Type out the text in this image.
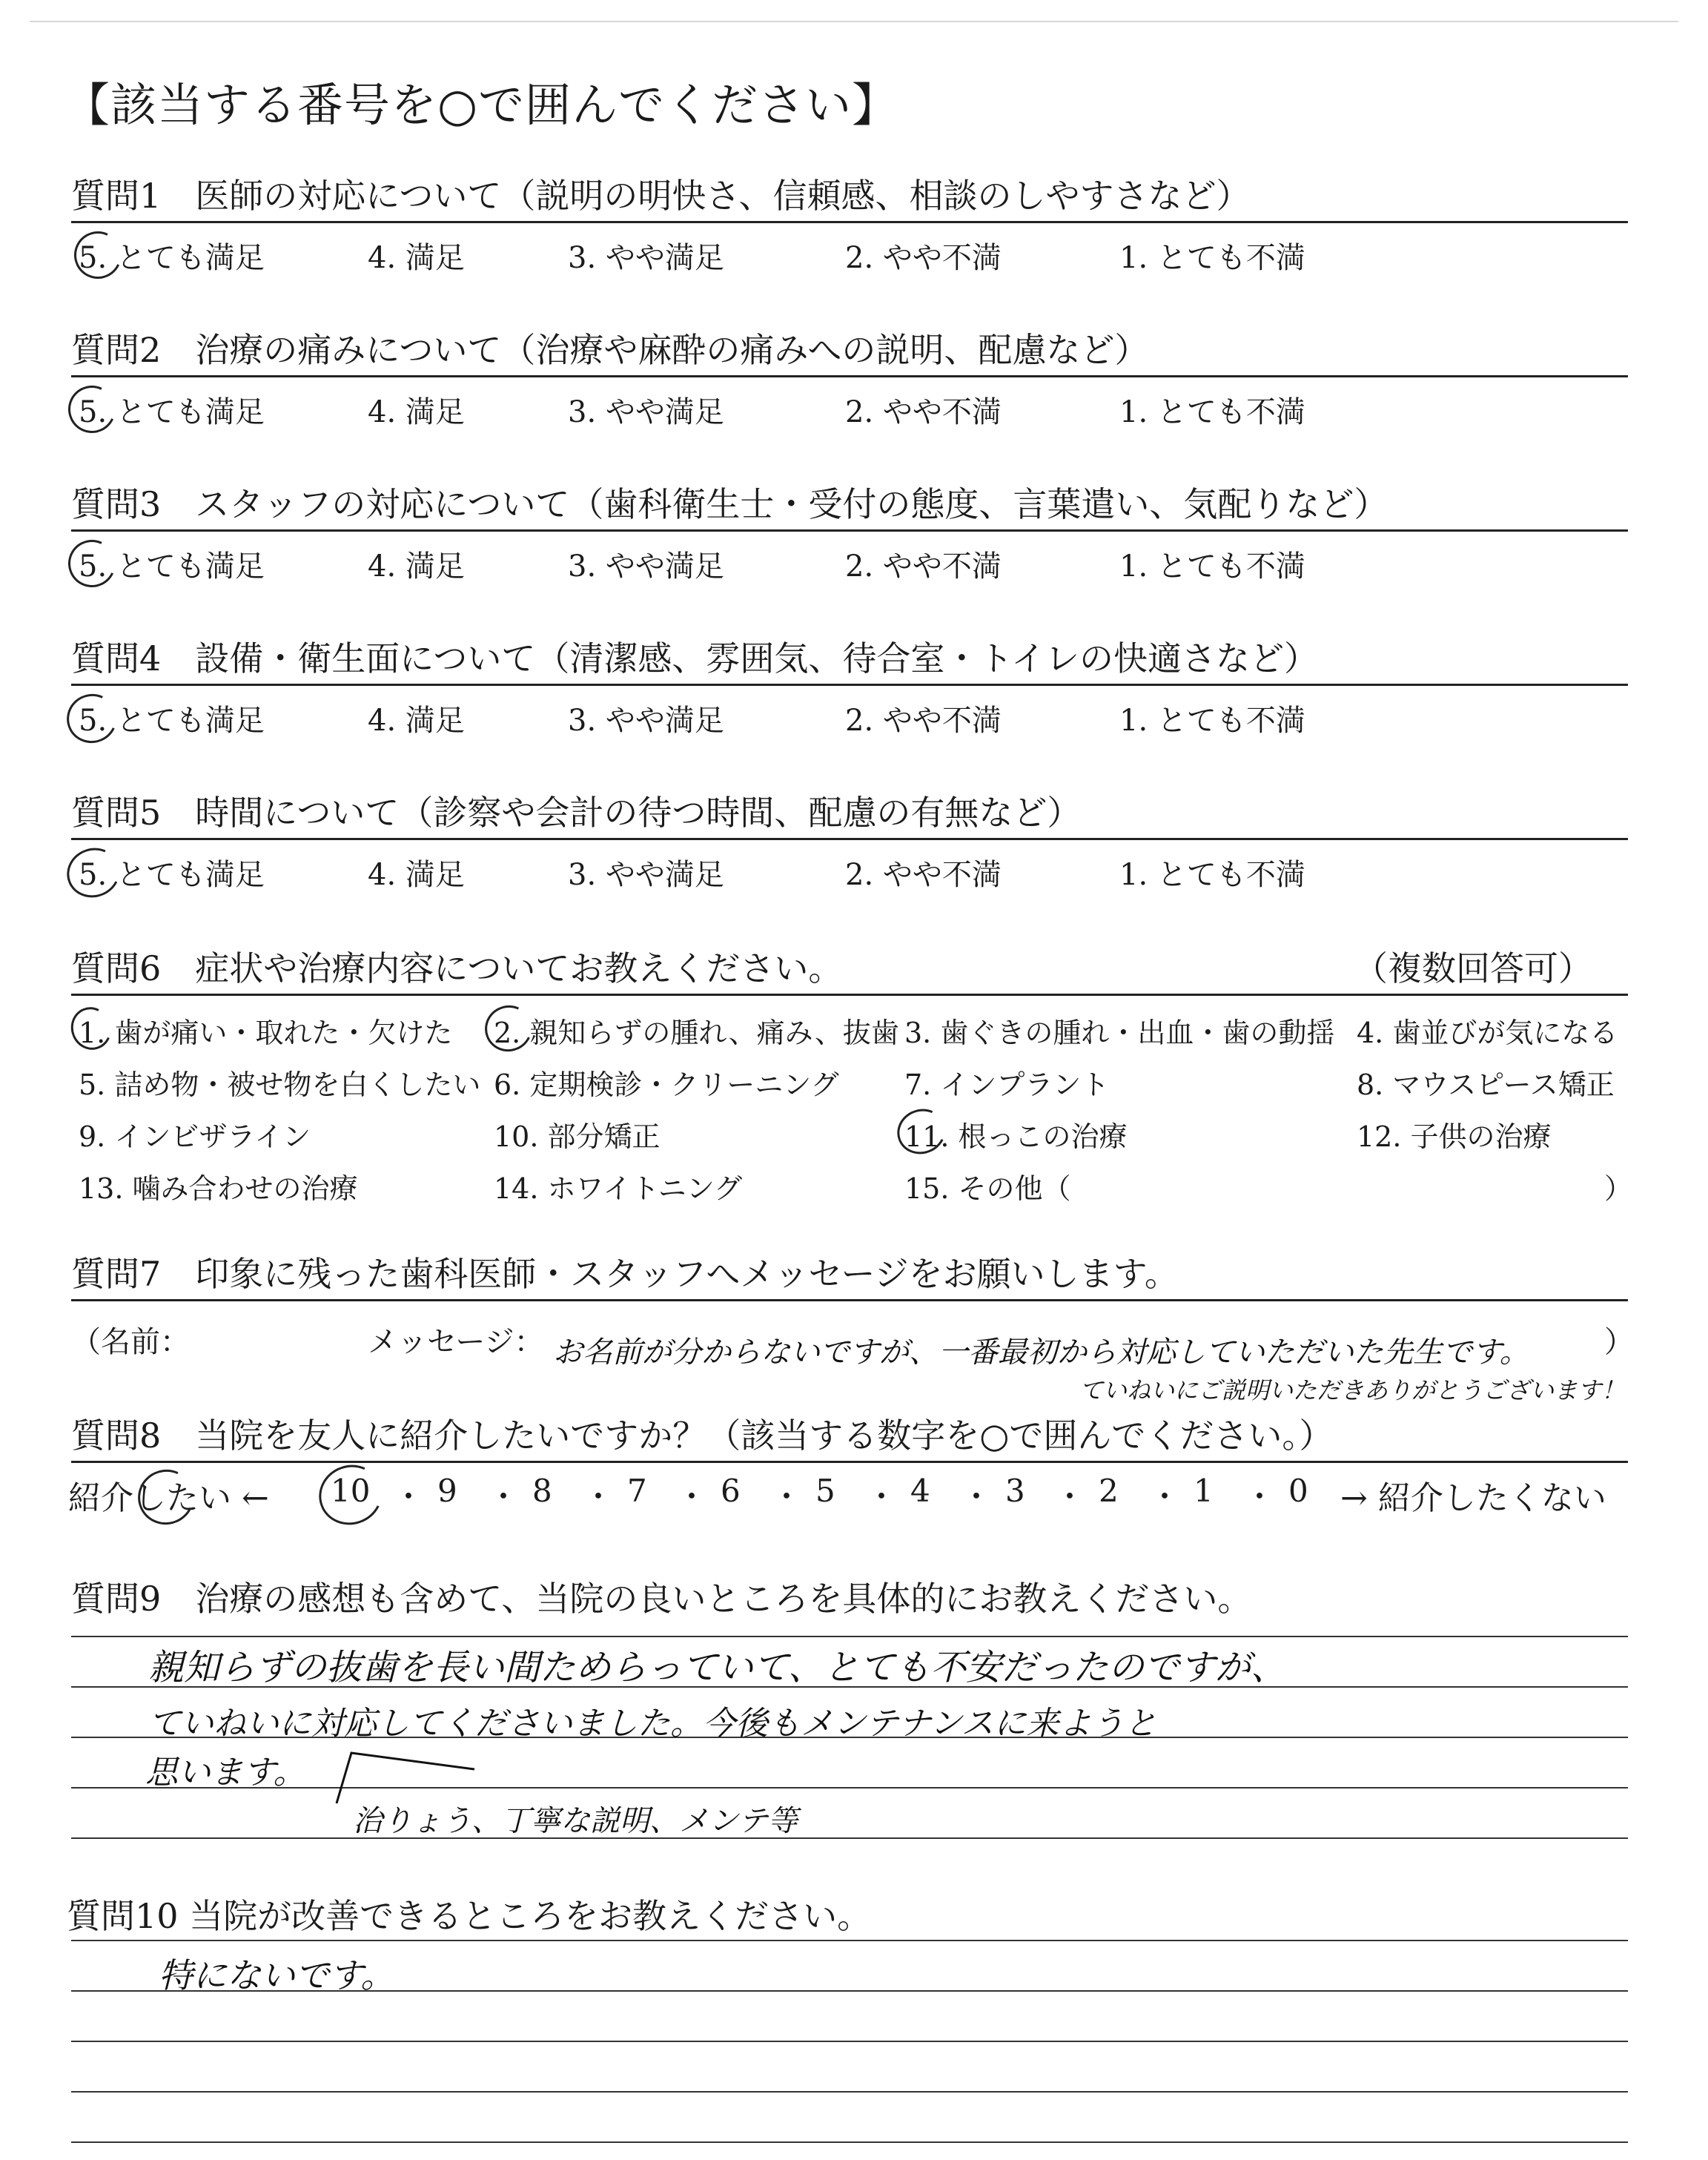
【該当する番号を○で囲んでください】
質問1　医師の対応について（説明の明快さ、信頼感、相談のしやすさなど）
5. とても満足	4. 満足	3. やや満足	2. やや不満	1. とても不満
質問2　治療の痛みについて（治療や麻酔の痛みへの説明、配慮など）
5. とても満足	4. 満足	3. やや満足	2. やや不満	1. とても不満
質問3　スタッフの対応について（歯科衛生士・受付の態度、言葉遣い、気配りなど）
5. とても満足	4. 満足	3. やや満足	2. やや不満	1. とても不満
質問4　設備・衛生面について（清潔感、雰囲気、待合室・トイレの快適さなど）
5. とても満足	4. 満足	3. やや満足	2. やや不満	1. とても不満
質問5　時間について（診察や会計の待つ時間、配慮の有無など）
5. とても満足	4. 満足	3. やや満足	2. やや不満	1. とても不満
質問6　症状や治療内容についてお教えください。	（複数回答可）
1. 歯が痛い・取れた・欠けた 2. 親知らずの腫れ、痛み、抜歯 3. 歯ぐきの腫れ・出血・歯の動揺 4. 歯並びが気になる
5. 詰め物・被せ物を白くしたい 6. 定期検診・クリーニング 7. インプラント	8. マウスピース矯正
9. インビザライン	10. 部分矯正	11. 根っこの治療	12. 子供の治療
13. 噛み合わせの治療	14. ホワイトニング	15. その他（	）
質問7　印象に残った歯科医師・スタッフへメッセージをお願いします。
（名前：	メッセージ：	）
お名前が分からないですが、一番最初から対応していただいた先生です。
ていねいにご説明いただきありがとうございます！
質問8　当院を友人に紹介したいですか？（該当する数字を○で囲んでください。）
紹介したい ←	→ 紹介したくない
10 9 8 7 6 5 4 3 2 1 0
・ ・ ・ ・ ・ ・ ・ ・ ・ ・
質問9　治療の感想も含めて、当院の良いところを具体的にお教えください。
親知らずの抜歯を長い間ためらっていて、とても不安だったのですが、
ていねいに対応してくださいました。今後もメンテナンスに来ようと
思います。
治りょう、丁寧な説明、メンテ等
質問10 当院が改善できるところをお教えください。
特にないです。
